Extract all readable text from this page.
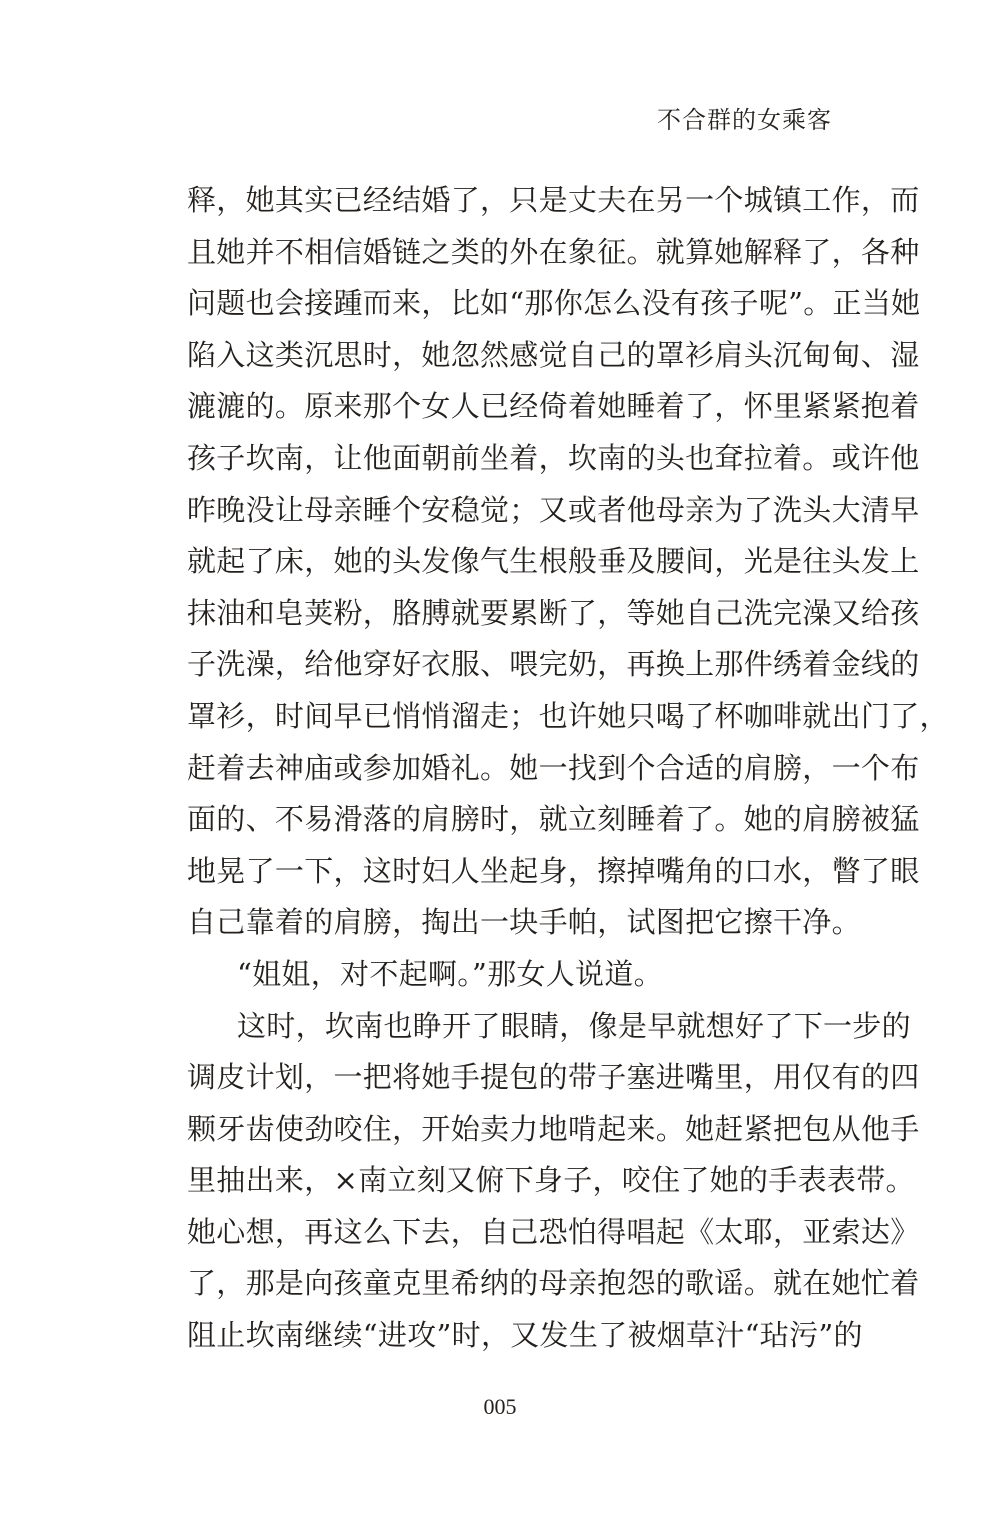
不合群的女乘客
释，她其实已经结婚了，只是丈夫在另一个城镇工作，而
且她并不相信婚链之类的外在象征。就算她解释了，各种
问题也会接踵而来，比如“那你怎么没有孩子呢”。正当她
陷入这类沉思时，她忽然感觉自己的罩衫肩头沉甸甸、湿
漉漉的。原来那个女人已经倚着她睡着了，怀里紧紧抱着
孩子坎南，让他面朝前坐着，坎南的头也耷拉着。或许他
昨晚没让母亲睡个安稳觉；又或者他母亲为了洗头大清早
就起了床，她的头发像气生根般垂及腰间，光是往头发上
抹油和皂荚粉，胳膊就要累断了，等她自己洗完澡又给孩
子洗澡，给他穿好衣服、喂完奶，再换上那件绣着金线的
罩衫，时间早已悄悄溜走；也许她只喝了杯咖啡就出门了，
赶着去神庙或参加婚礼。她一找到个合适的肩膀，一个布
面的、不易滑落的肩膀时，就立刻睡着了。她的肩膀被猛
地晃了一下，这时妇人坐起身，擦掉嘴角的口水，瞥了眼
自己靠着的肩膀，掏出一块手帕，试图把它擦干净。
“姐姐，对不起啊。”那女人说道。
这时，坎南也睁开了眼睛，像是早就想好了下一步的
调皮计划，一把将她手提包的带子塞进嘴里，用仅有的四
颗牙齿使劲咬住，开始卖力地啃起来。她赶紧把包从他手
里抽出来，×南立刻又俯下身子，咬住了她的手表表带。
她心想，再这么下去，自己恐怕得唱起《太耶，亚索达》
了，那是向孩童克里希纳的母亲抱怨的歌谣。就在她忙着
阻止坎南继续“进攻”时，又发生了被烟草汁“玷污”的
005
